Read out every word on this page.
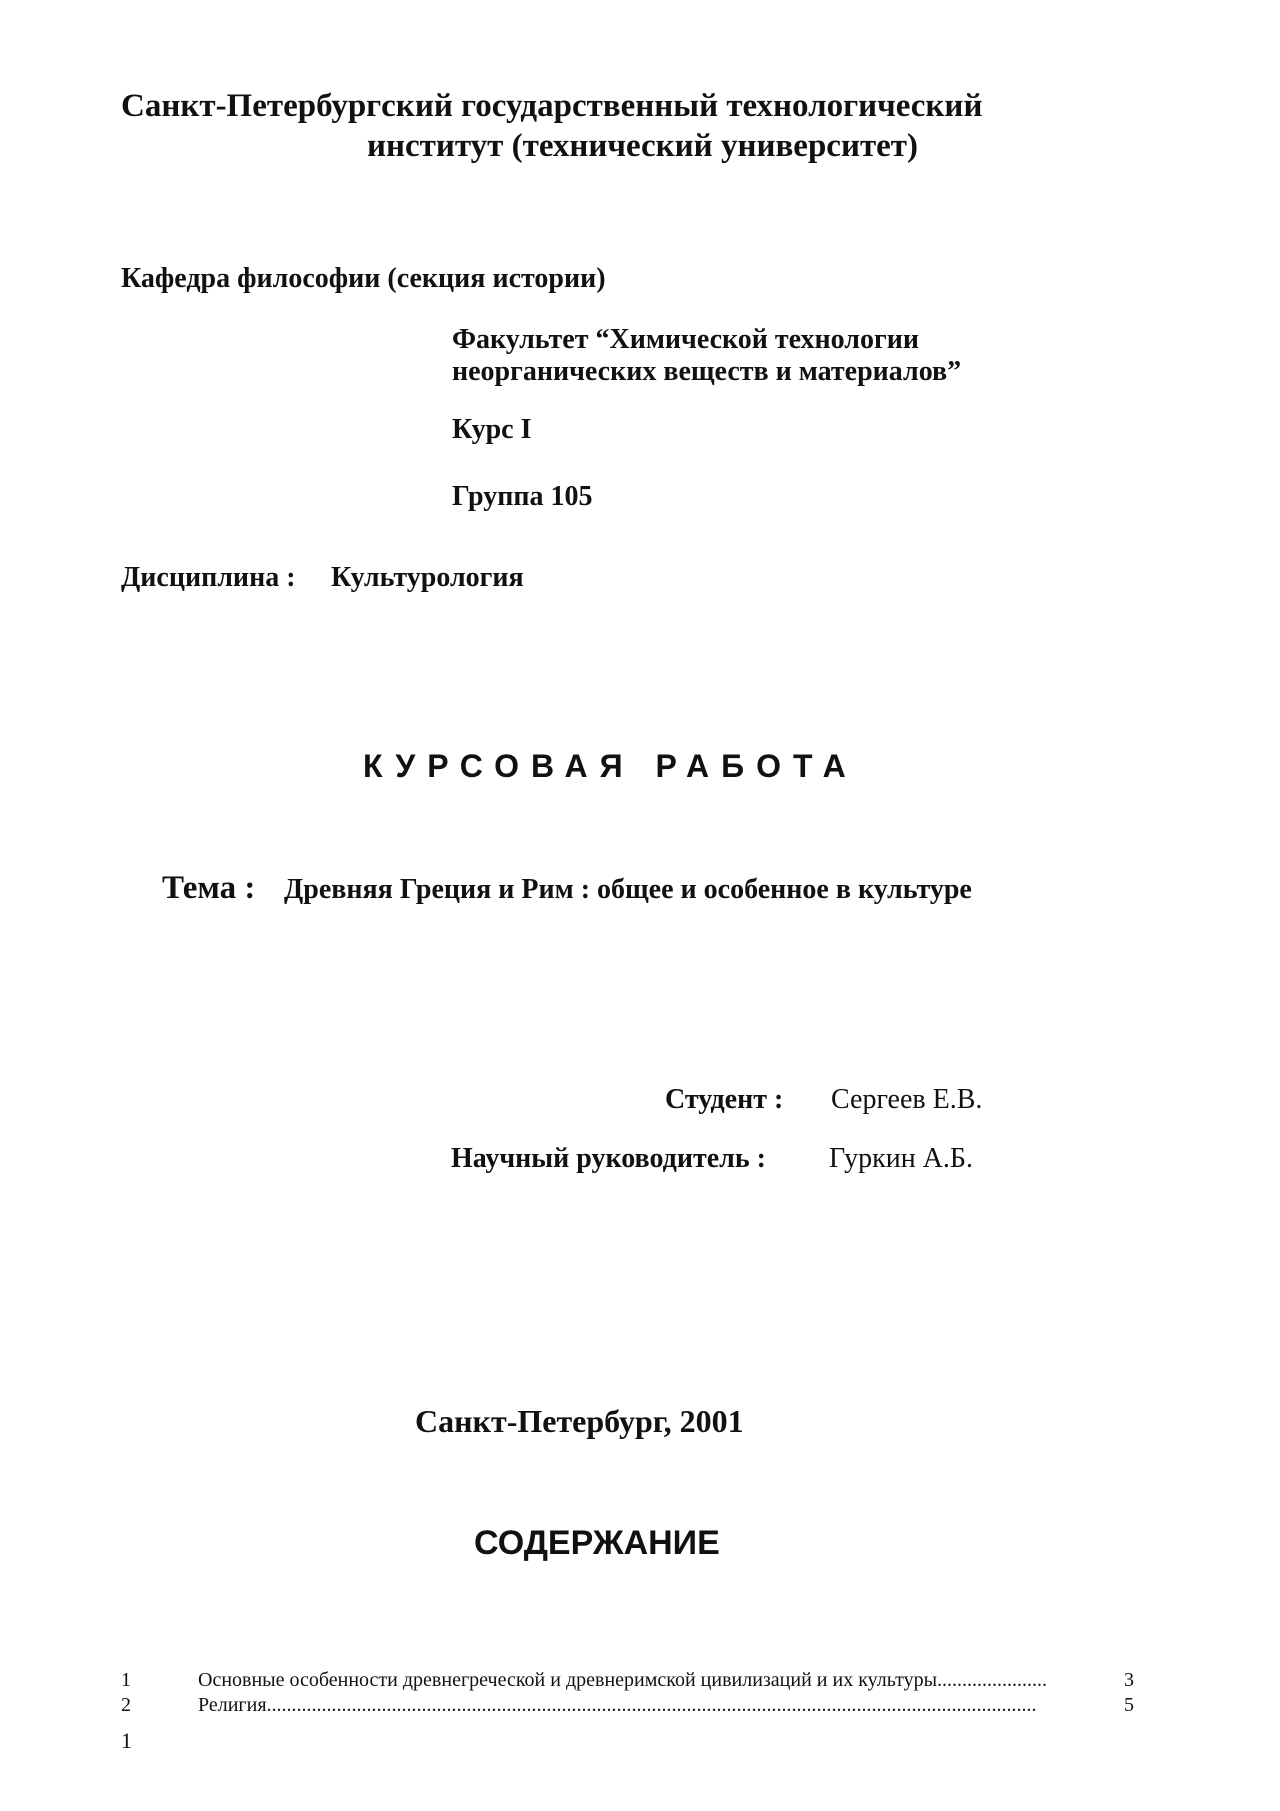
Санкт-Петербургский государственный технологический
институт (технический университет)
Кафедра философии (секция истории)
Факультет “Химической технологии
неорганических веществ и материалов”
Курс I
Группа 105
Дисциплина : Культурология
КУРСОВАЯ РАБОТА
Тема : Древняя Греция и Рим : общее и особенное в культуре
Студент : Сергеев Е.В.
Научный руководитель : Гуркин А.Б.
Санкт-Петербург, 2001
СОДЕРЖАНИЕ
1	Основные особенности древнегреческой и древнеримской цивилизаций и их культуры ......................	3
2	Религия ..........................................................................................................................................................	5
1
